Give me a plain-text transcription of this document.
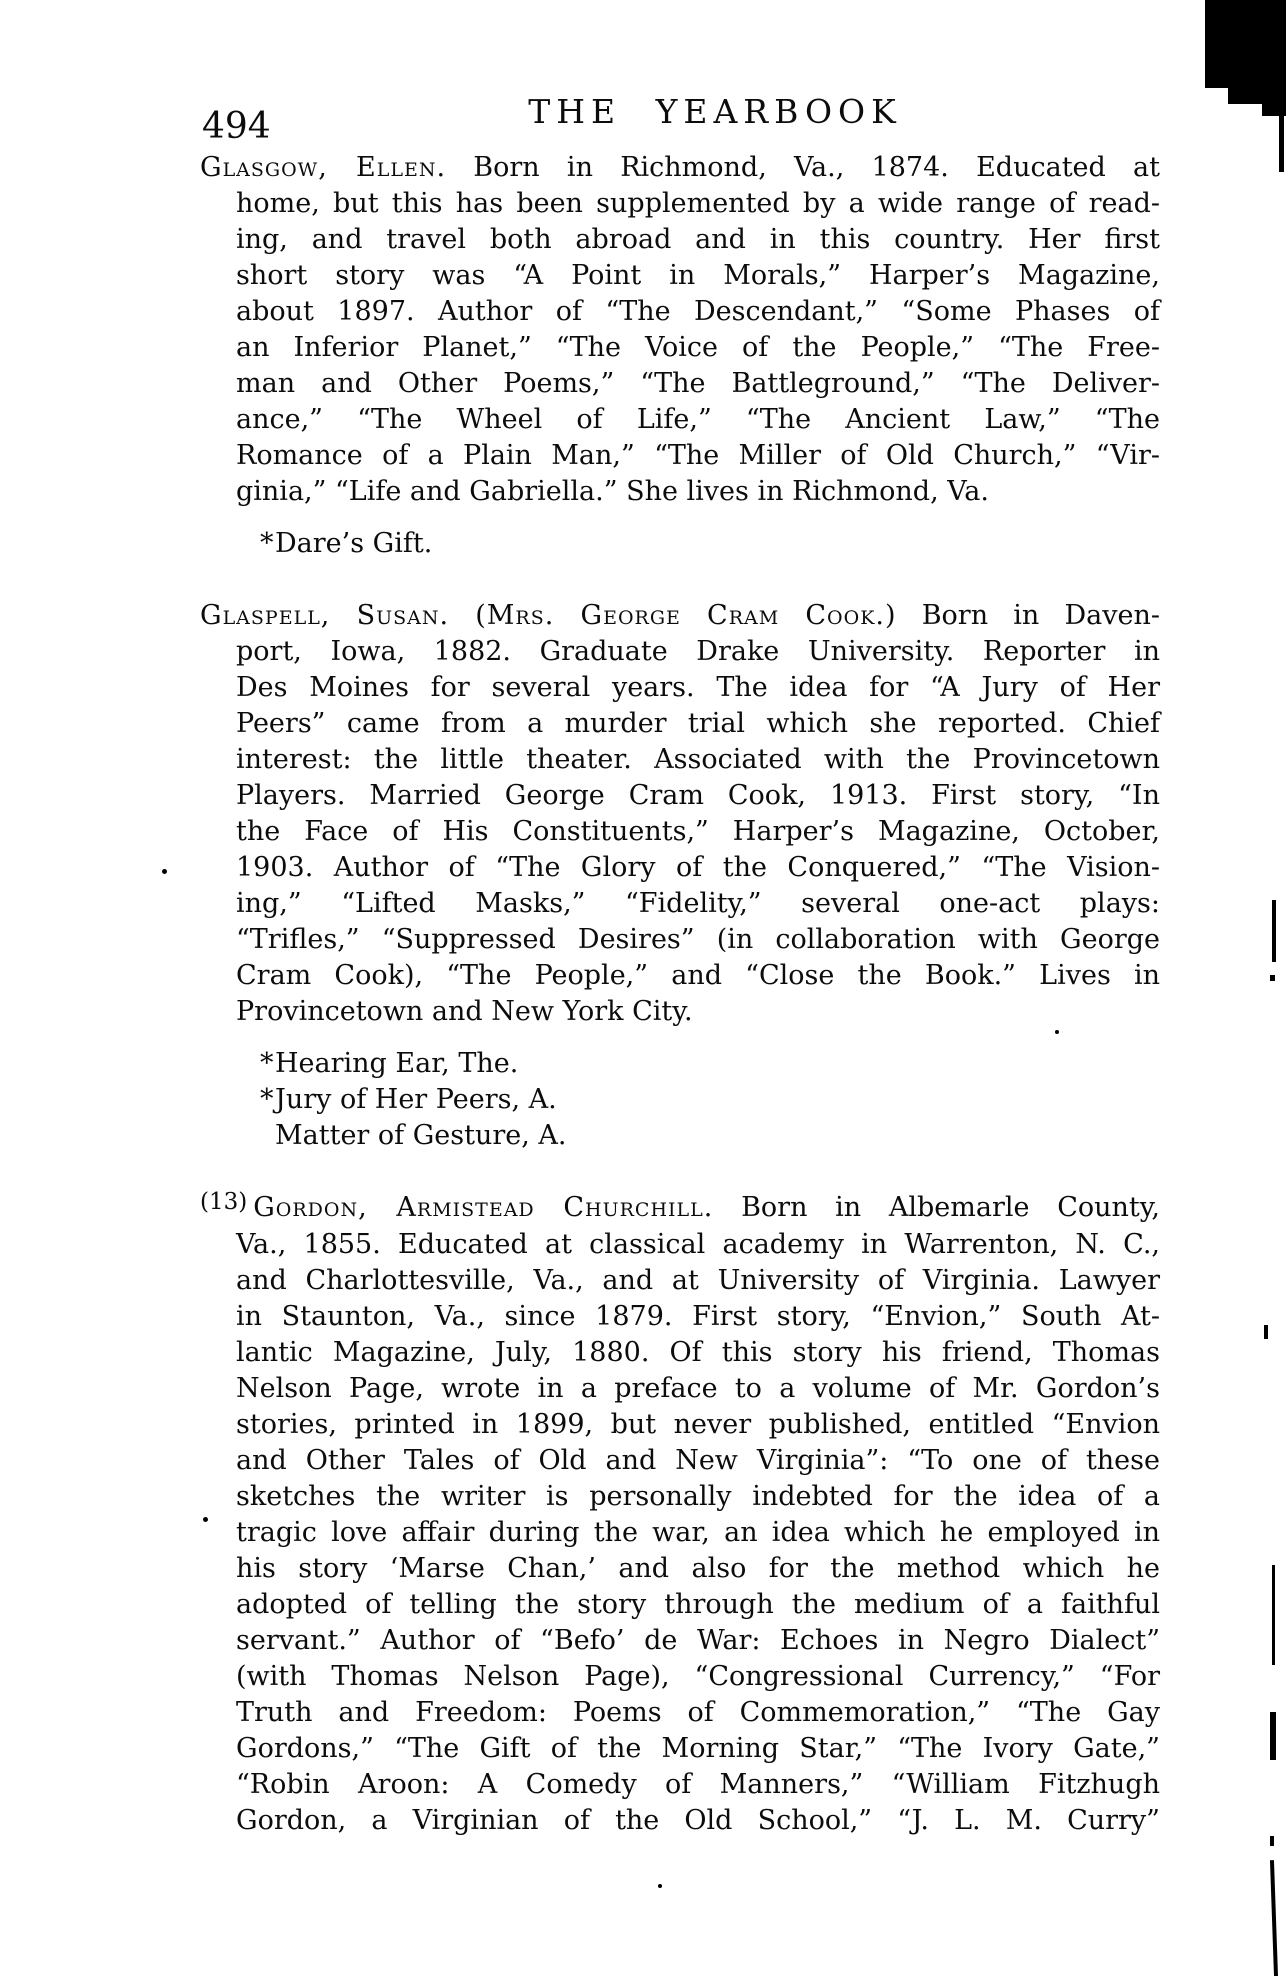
494	THE YEARBOOK
Glasgow, Ellen. Born in Richmond, Va., 1874. Educated at
home, but this has been supplemented by a wide range of read-
ing, and travel both abroad and in this country. Her first
short story was “A Point in Morals,” Harper’s Magazine,
about 1897. Author of “The Descendant,” “Some Phases of
an Inferior Planet,” “The Voice of the People,” “The Free-
man and Other Poems,” “The Battleground,” “The Deliver-
ance,” “The Wheel of Life,” “The Ancient Law,” “The
Romance of a Plain Man,” “The Miller of Old Church,” “Vir-
ginia,” “Life and Gabriella.” She lives in Richmond, Va.
*Dare’s Gift.
Glaspell, Susan. (Mrs. George Cram Cook.) Born in Daven-
port, Iowa, 1882. Graduate Drake University. Reporter in
Des Moines for several years. The idea for “A Jury of Her
Peers” came from a murder trial which she reported. Chief
interest: the little theater. Associated with the Provincetown
Players. Married George Cram Cook, 1913. First story, “In
the Face of His Constituents,” Harper’s Magazine, October,
1903. Author of “The Glory of the Conquered,” “The Vision-
ing,” “Lifted Masks,” “Fidelity,” several one-act plays:
“Trifles,” “Suppressed Desires” (in collaboration with George
Cram Cook), “The People,” and “Close the Book.” Lives in
Provincetown and New York City.
*Hearing Ear, The.
*Jury of Her Peers, A.
Matter of Gesture, A.
(13) Gordon, Armistead Churchill. Born in Albemarle County,
Va., 1855. Educated at classical academy in Warrenton, N. C.,
and Charlottesville, Va., and at University of Virginia. Lawyer
in Staunton, Va., since 1879. First story, “Envion,” South At-
lantic Magazine, July, 1880. Of this story his friend, Thomas
Nelson Page, wrote in a preface to a volume of Mr. Gordon’s
stories, printed in 1899, but never published, entitled “Envion
and Other Tales of Old and New Virginia”: “To one of these
sketches the writer is personally indebted for the idea of a
tragic love affair during the war, an idea which he employed in
his story ‘Marse Chan,’ and also for the method which he
adopted of telling the story through the medium of a faithful
servant.” Author of “Befo’ de War: Echoes in Negro Dialect”
(with Thomas Nelson Page), “Congressional Currency,” “For
Truth and Freedom: Poems of Commemoration,” “The Gay
Gordons,” “The Gift of the Morning Star,” “The Ivory Gate,”
“Robin Aroon: A Comedy of Manners,” “William Fitzhugh
Gordon, a Virginian of the Old School,” “J. L. M. Curry”
